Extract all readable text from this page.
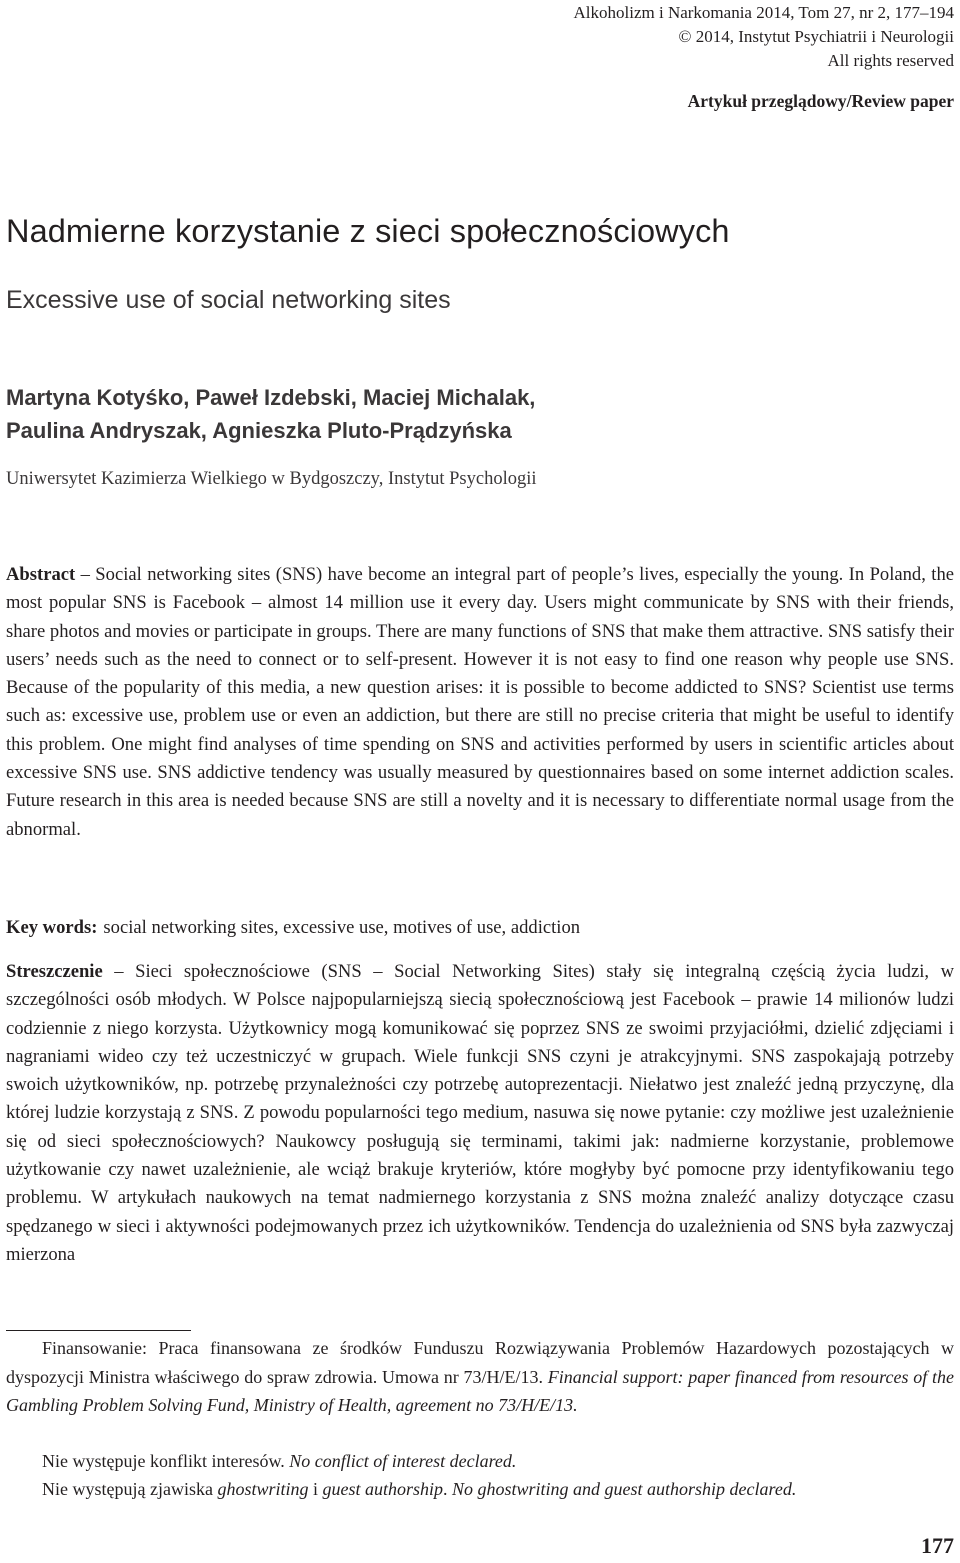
Alkoholizm i Narkomania 2014, Tom 27, nr 2, 177–194
© 2014, Instytut Psychiatrii i Neurologii
All rights reserved
Artykuł przeglądowy/Review paper
Nadmierne korzystanie z sieci społecznościowych
Excessive use of social networking sites
Martyna Kotyśko, Paweł Izdebski, Maciej Michalak,
Paulina Andryszak, Agnieszka Pluto-Prądzyńska
Uniwersytet Kazimierza Wielkiego w Bydgoszczy, Instytut Psychologii
Abstract – Social networking sites (SNS) have become an integral part of people’s lives, especially the young. In Poland, the most popular SNS is Facebook – almost 14 million use it every day. Users might communicate by SNS with their friends, share photos and movies or participate in groups. There are many functions of SNS that make them attractive. SNS satisfy their users’ needs such as the need to connect or to self-present. However it is not easy to find one reason why people use SNS. Because of the popularity of this media, a new question arises: it is possible to become addicted to SNS? Scientist use terms such as: excessive use, problem use or even an addiction, but there are still no precise criteria that might be useful to identify this problem. One might find analyses of time spending on SNS and activities performed by users in scientific articles about excessive SNS use. SNS addictive tendency was usually measured by questionnaires based on some internet addiction scales. Future research in this area is needed because SNS are still a novelty and it is necessary to differentiate normal usage from the abnormal.
Key words: social networking sites, excessive use, motives of use, addiction
Streszczenie – Sieci społecznościowe (SNS – Social Networking Sites) stały się integralną częścią życia ludzi, w szczególności osób młodych. W Polsce najpopularniejszą siecią społecznościową jest Facebook – prawie 14 milionów ludzi codziennie z niego korzysta. Użytkownicy mogą komunikować się poprzez SNS ze swoimi przyjaciółmi, dzielić zdjęciami i nagraniami wideo czy też uczestniczyć w grupach. Wiele funkcji SNS czyni je atrakcyjnymi. SNS zaspokajają potrzeby swoich użytkowników, np. potrzebę przynależności czy potrzebę autoprezentacji. Niełatwo jest znaleźć jedną przyczynę, dla której ludzie korzystają z SNS. Z powodu popularności tego medium, nasuwa się nowe pytanie: czy możliwe jest uzależnienie się od sieci społecznościowych? Naukowcy posługują się terminami, takimi jak: nadmierne korzystanie, problemowe użytkowanie czy nawet uzależnienie, ale wciąż brakuje kryteriów, które mogłyby być pomocne przy identyfikowaniu tego problemu. W artykułach naukowych na temat nadmiernego korzystania z SNS można znaleźć analizy dotyczące czasu spędzanego w sieci i aktywności podejmowanych przez ich użytkowników. Tendencja do uzależnienia od SNS była zazwyczaj mierzona
Finansowanie: Praca finansowana ze środków Funduszu Rozwiązywania Problemów Hazardowych pozostających w dyspozycji Ministra właściwego do spraw zdrowia. Umowa nr 73/H/E/13. Financial support: paper financed from resources of the Gambling Problem Solving Fund, Ministry of Health, agreement no 73/H/E/13.
Nie występuje konflikt interesów. No conflict of interest declared.
Nie występują zjawiska ghostwriting i guest authorship. No ghostwriting and guest authorship declared.
177
